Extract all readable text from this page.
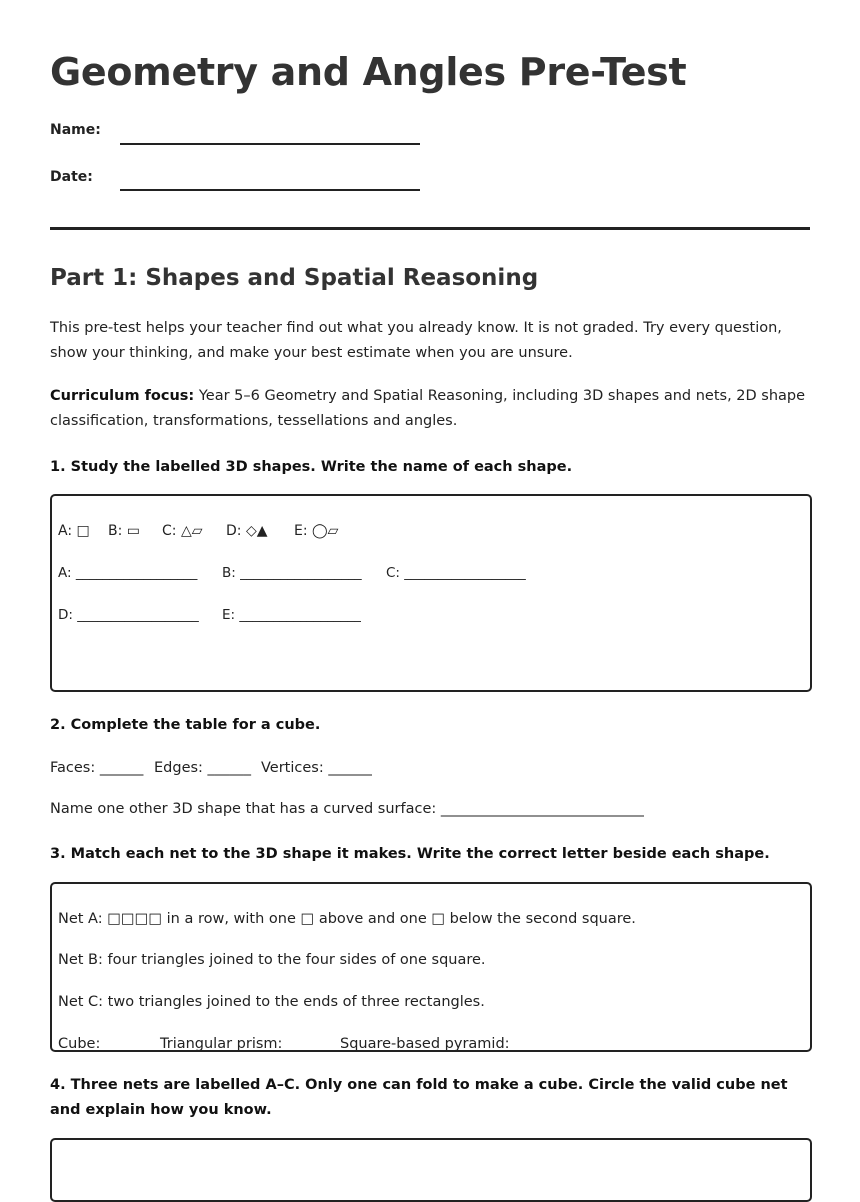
Geometry and Angles Pre-Test
Name:
Date:
Part 1: Shapes and Spatial Reasoning

This pre-test helps your teacher find out what you already know. It is not graded. Try every question, show your thinking, and make your best estimate when you are unsure.

Curriculum focus: Year 5–6 Geometry and Spatial Reasoning, including 3D shapes and nets, 2D shape classification, transformations, tessellations and angles.

1. Study the labelled 3D shapes. Write the name of each shape.

A: □ B: ▭ C: △▱ D: ◇▲ E: ◯▱
A: __________________ B: __________________ C: __________________
D: __________________ E: __________________

2. Complete the table for a cube.

Faces: ______ Edges: ______ Vertices: ______
Name one other 3D shape that has a curved surface: ____________________________

3. Match each net to the 3D shape it makes. Write the correct letter beside each shape.

Net A: □□□□ in a row, with one □ above and one □ below the second square.
Net B: four triangles joined to the four sides of one square.
Net C: two triangles joined to the ends of three rectangles.
Cube:	Triangular prism:	Square-based pyramid:

4. Three nets are labelled A–C. Only one can fold to make a cube. Circle the valid cube net and explain how you know.
